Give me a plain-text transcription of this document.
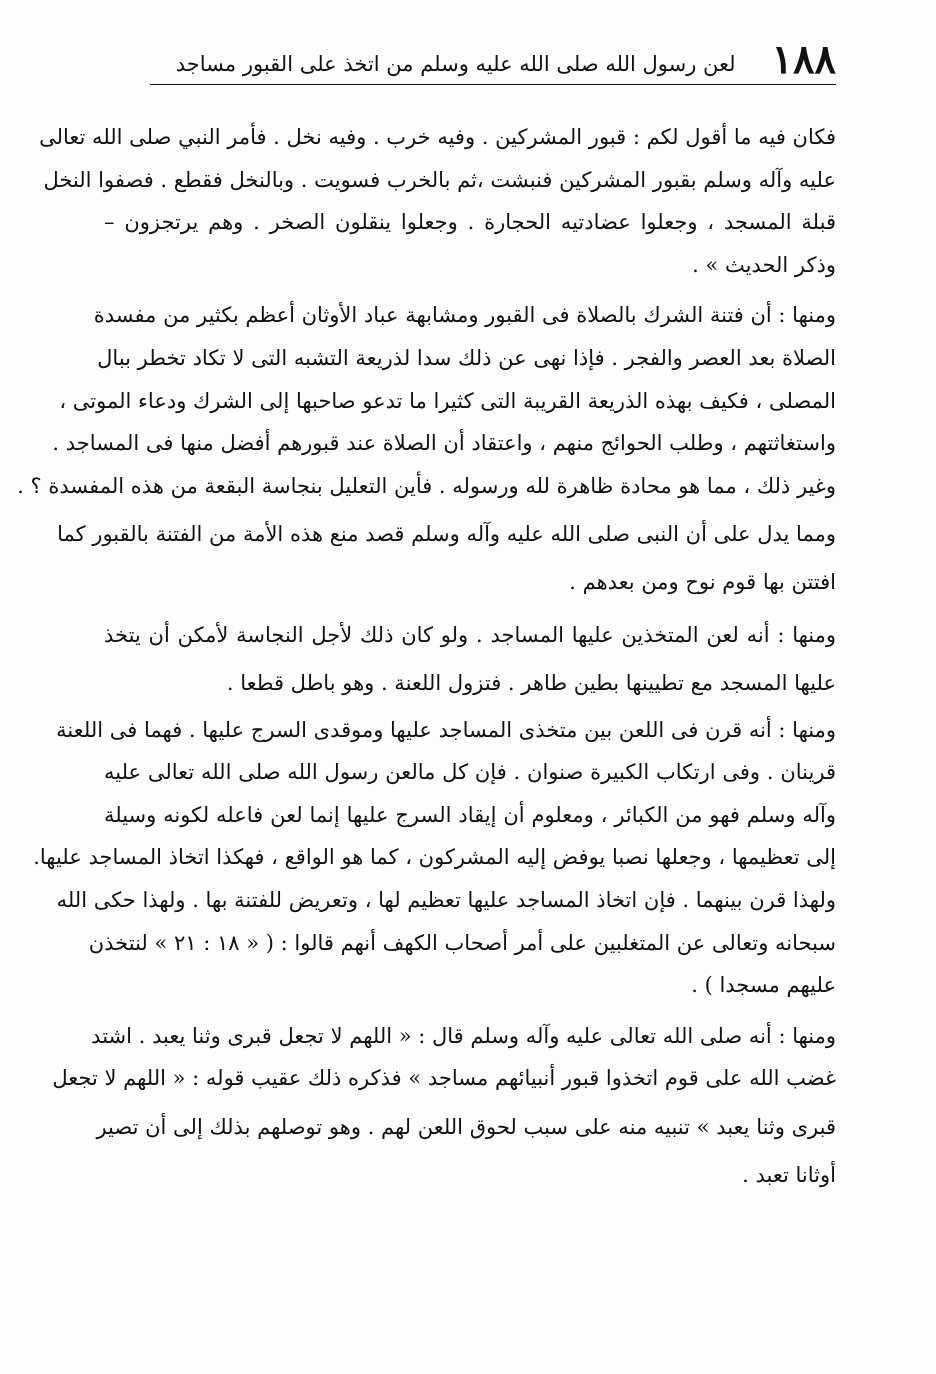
١٨٨
لعن رسول الله صلى الله عليه وسلم من اتخذ على القبور مساجد
فكان فيه ما أقول لكم : قبور المشركين . وفيه خرب . وفيه نخل . فأمر النبي صلى الله تعالى
عليه وآله وسلم بقبور المشركين فنبشت ،ثم بالخرب فسويت . وبالنخل فقطع . فصفوا النخل
قبلة المسجد ، وجعلوا عضادتيه الحجارة . وجعلوا ينقلون الصخر . وهم يرتجزون –
وذكر الحديث » .
ومنها : أن فتنة الشرك بالصلاة فى القبور ومشابهة عباد الأوثان أعظم بكثير من مفسدة
الصلاة بعد العصر والفجر . فإذا نهى عن ذلك سدا لذريعة التشبه التى لا تكاد تخطر ببال
المصلى ، فكيف بهذه الذريعة القريبة التى كثيرا ما تدعو صاحبها إلى الشرك ودعاء الموتى ،
واستغاثتهم ، وطلب الحوائج منهم ، واعتقاد أن الصلاة عند قبورهم أفضل منها فى المساجد .
وغير ذلك ، مما هو محادة ظاهرة لله ورسوله . فأين التعليل بنجاسة البقعة من هذه المفسدة ؟ .
ومما يدل على أن النبى صلى الله عليه وآله وسلم قصد منع هذه الأمة من الفتنة بالقبور كما
افتتن بها قوم نوح ومن بعدهم .
ومنها : أنه لعن المتخذين عليها المساجد . ولو كان ذلك لأجل النجاسة لأمكن أن يتخذ
عليها المسجد مع تطيينها بطين طاهر . فتزول اللعنة . وهو باطل قطعا .
ومنها : أنه قرن فى اللعن بين متخذى المساجد عليها وموقدى السرج عليها . فهما فى اللعنة
قرينان . وفى ارتكاب الكبيرة صنوان . فإن كل مالعن رسول الله صلى الله تعالى عليه
وآله وسلم فهو من الكبائر ، ومعلوم أن إيقاد السرج عليها إنما لعن فاعله لكونه وسيلة
إلى تعظيمها ، وجعلها نصبا يوفض إليه المشركون ، كما هو الواقع ، فهكذا اتخاذ المساجد عليها.
ولهذا قرن بينهما . فإن اتخاذ المساجد عليها تعظيم لها ، وتعريض للفتنة بها . ولهذا حكى الله
سبحانه وتعالى عن المتغلبين على أمر أصحاب الكهف أنهم قالوا : ( « ١٨ : ٢١ » لنتخذن
عليهم مسجدا ) .
ومنها : أنه صلى الله تعالى عليه وآله وسلم قال : « اللهم لا تجعل قبرى وثنا يعبد . اشتد
غضب الله على قوم اتخذوا قبور أنبيائهم مساجد » فذكره ذلك عقيب قوله : « اللهم لا تجعل
قبرى وثنا يعبد » تنبيه منه على سبب لحوق اللعن لهم . وهو توصلهم بذلك إلى أن تصير
أوثانا تعبد .
